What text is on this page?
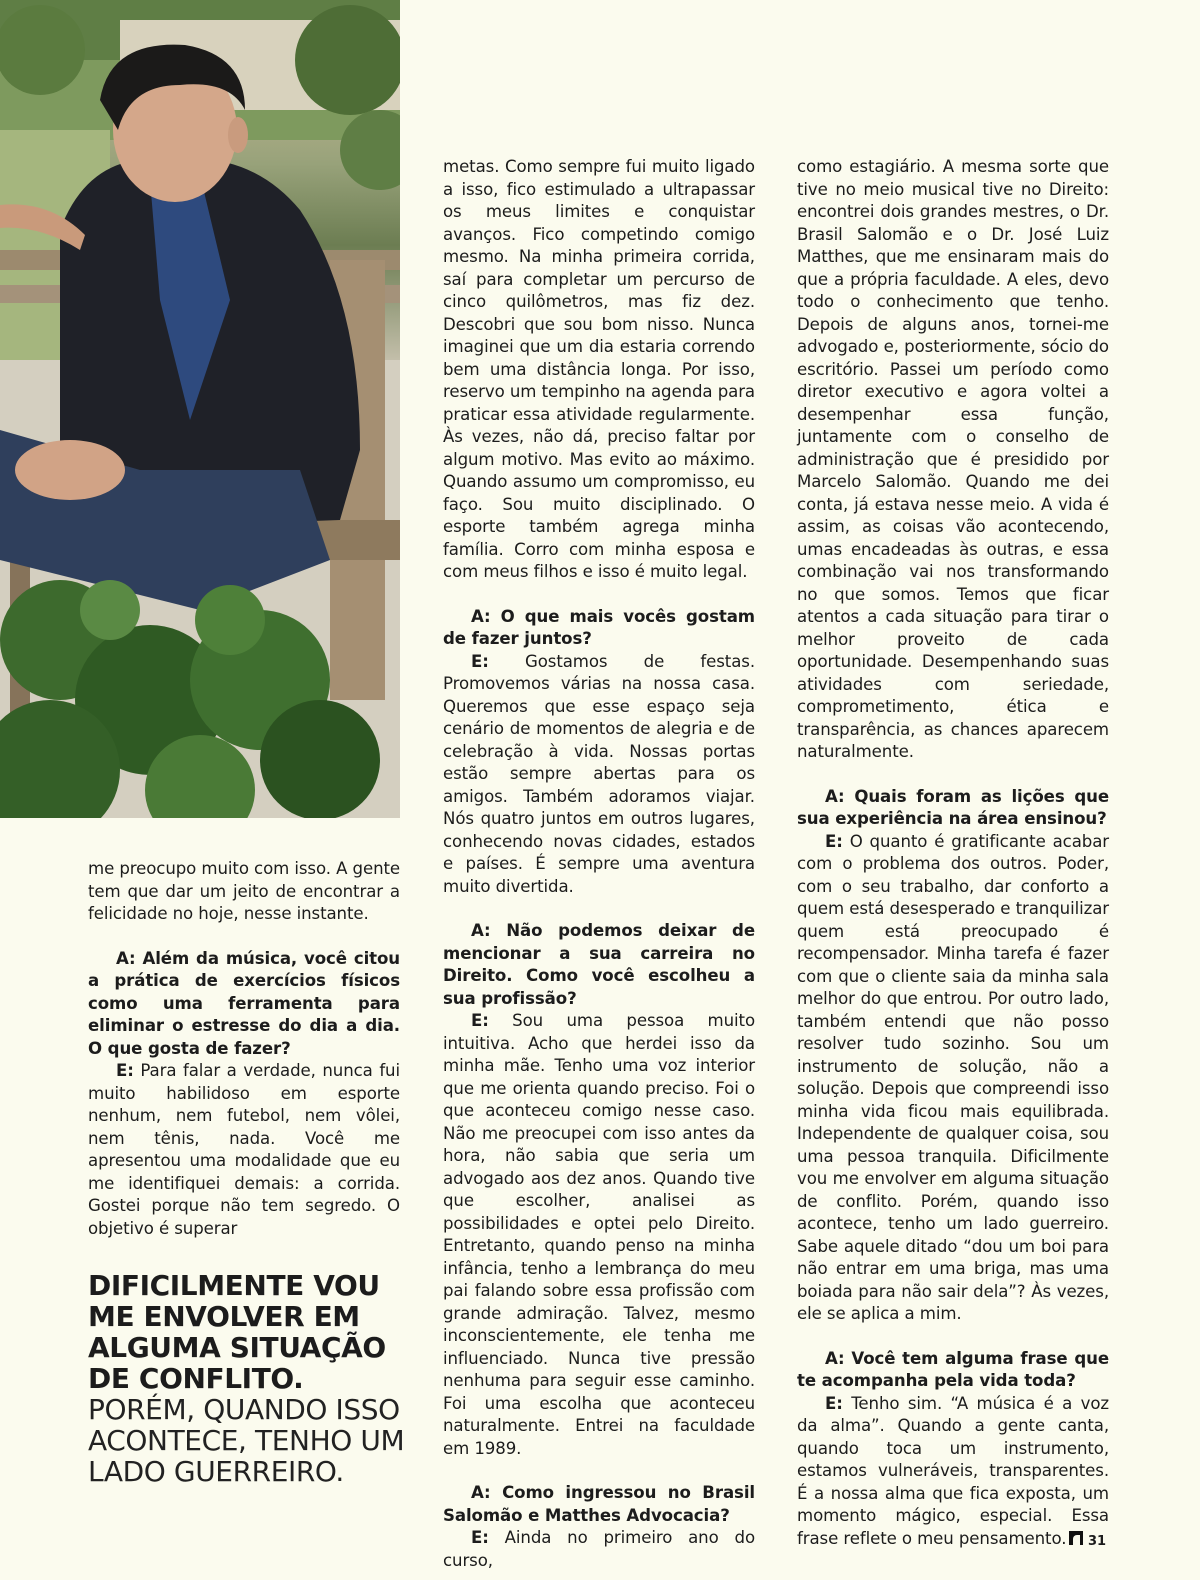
me preocupo muito com isso. A gente tem que dar um jeito de encontrar a felicidade no hoje, nesse instante.

A: Além da música, você citou a prática de exercícios físicos como uma ferramenta para eliminar o estresse do dia a dia. O que gosta de fazer?

E: Para falar a verdade, nunca fui muito habilidoso em esporte nenhum, nem futebol, nem vôlei, nem tênis, nada. Você me apresentou uma modalidade que eu me identifiquei demais: a corrida. Gostei porque não tem segredo. O objetivo é superar

DIFICILMENTE VOU ME ENVOLVER EM ALGUMA SITUAÇÃO DE CONFLITO.
PORÉM, QUANDO ISSO ACONTECE, TENHO UM LADO GUERREIRO.

metas. Como sempre fui muito ligado a isso, fico estimulado a ultrapassar os meus limites e conquistar avanços. Fico competindo comigo mesmo. Na minha primeira corrida, saí para completar um percurso de cinco quilômetros, mas fiz dez. Descobri que sou bom nisso. Nunca imaginei que um dia estaria correndo bem uma distância longa. Por isso, reservo um tempinho na agenda para praticar essa atividade regularmente. Às vezes, não dá, preciso faltar por algum motivo. Mas evito ao máximo. Quando assumo um compromisso, eu faço. Sou muito disciplinado. O esporte também agrega minha família. Corro com minha esposa e com meus filhos e isso é muito legal.

A: O que mais vocês gostam de fazer juntos?

E: Gostamos de festas. Promovemos várias na nossa casa. Queremos que esse espaço seja cenário de momentos de alegria e de celebração à vida. Nossas portas estão sempre abertas para os amigos. Também adoramos viajar. Nós quatro juntos em outros lugares, conhecendo novas cidades, estados e países. É sempre uma aventura muito divertida.

A: Não podemos deixar de mencionar a sua carreira no Direito. Como você escolheu a sua profissão?

E: Sou uma pessoa muito intuitiva. Acho que herdei isso da minha mãe. Tenho uma voz interior que me orienta quando preciso. Foi o que aconteceu comigo nesse caso. Não me preocupei com isso antes da hora, não sabia que seria um advogado aos dez anos. Quando tive que escolher, analisei as possibilidades e optei pelo Direito. Entretanto, quando penso na minha infância, tenho a lembrança do meu pai falando sobre essa profissão com grande admiração. Talvez, mesmo inconscientemente, ele tenha me influenciado. Nunca tive pressão nenhuma para seguir esse caminho. Foi uma escolha que aconteceu naturalmente. Entrei na faculdade em 1989.

A: Como ingressou no Brasil Salomão e Matthes Advocacia?

E: Ainda no primeiro ano do curso,

como estagiário. A mesma sorte que tive no meio musical tive no Direito: encontrei dois grandes mestres, o Dr. Brasil Salomão e o Dr. José Luiz Matthes, que me ensinaram mais do que a própria faculdade. A eles, devo todo o conhecimento que tenho. Depois de alguns anos, tornei-me advogado e, posteriormente, sócio do escritório. Passei um período como diretor executivo e agora voltei a desempenhar essa função, juntamente com o conselho de administração que é presidido por Marcelo Salomão. Quando me dei conta, já estava nesse meio. A vida é assim, as coisas vão acontecendo, umas encadeadas às outras, e essa combinação vai nos transformando no que somos. Temos que ficar atentos a cada situação para tirar o melhor proveito de cada oportunidade. Desempenhando suas atividades com seriedade, comprometimento, ética e transparência, as chances aparecem naturalmente.

A: Quais foram as lições que sua experiência na área ensinou?

E: O quanto é gratificante acabar com o problema dos outros. Poder, com o seu trabalho, dar conforto a quem está desesperado e tranquilizar quem está preocupado é recompensador. Minha tarefa é fazer com que o cliente saia da minha sala melhor do que entrou. Por outro lado, também entendi que não posso resolver tudo sozinho. Sou um instrumento de solução, não a solução. Depois que compreendi isso minha vida ficou mais equilibrada. Independente de qualquer coisa, sou uma pessoa tranquila. Dificilmente vou me envolver em alguma situação de conflito. Porém, quando isso acontece, tenho um lado guerreiro. Sabe aquele ditado “dou um boi para não entrar em uma briga, mas uma boiada para não sair dela”? Às vezes, ele se aplica a mim.

A: Você tem alguma frase que te acompanha pela vida toda?

E: Tenho sim. “A música é a voz da alma”. Quando a gente canta, quando toca um instrumento, estamos vulneráveis, transparentes. É a nossa alma que fica exposta, um momento mágico, especial. Essa frase reflete o meu pensamento.	31
